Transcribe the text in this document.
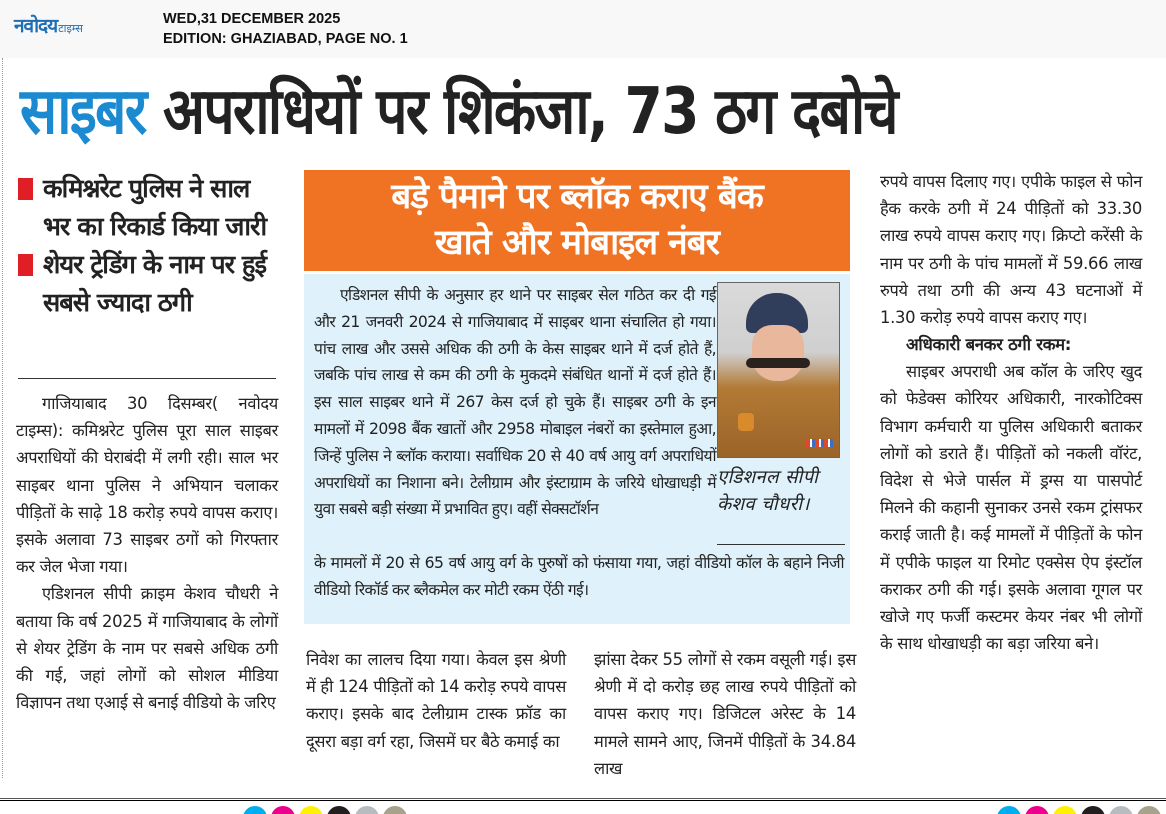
नवोदय टाइम्स
WED,31 DECEMBER 2025
EDITION: GHAZIABAD, PAGE NO. 1
साइबर अपराधियों पर शिकंजा, 73 ठग दबोचे
कमिश्नरेट पुलिस ने साल भर का रिकार्ड किया जारी
शेयर ट्रेडिंग के नाम पर हुई सबसे ज्यादा ठगी

गाजियाबाद 30 दिसम्बर( नवोदय टाइम्स): कमिश्नरेट पुलिस पूरा साल साइबर अपराधियों की घेराबंदी में लगी रही। साल भर साइबर थाना पुलिस ने अभियान चलाकर पीड़ितों के साढ़े 18 करोड़ रुपये वापस कराए। इसके अलावा 73 साइबर ठगों को गिरफ्तार कर जेल भेजा गया।

एडिशनल सीपी क्राइम केशव चौधरी ने बताया कि वर्ष 2025 में गाजियाबाद के लोगों से शेयर ट्रेडिंग के नाम पर सबसे अधिक ठगी की गई, जहां लोगों को सोशल मीडिया विज्ञापन तथा एआई से बनाई वीडियो के जरिए

बड़े पैमाने पर ब्लॉक कराए बैंक
खाते और मोबाइल नंबर

एडिशनल सीपी के अनुसार हर थाने पर साइबर सेल गठित कर दी गई और 21 जनवरी 2024 से गाजियाबाद में साइबर थाना संचालित हो गया। पांच लाख और उससे अधिक की ठगी के केस साइबर थाने में दर्ज होते हैं, जबकि पांच लाख से कम की ठगी के मुकदमे संबंधित थानों में दर्ज होते हैं। इस साल साइबर थाने में 267 केस दर्ज हो चुके हैं। साइबर ठगी के इन मामलों में 2098 बैंक खातों और 2958 मोबाइल नंबरों का इस्तेमाल हुआ, जिन्हें पुलिस ने ब्लॉक कराया। सर्वाधिक 20 से 40 वर्ष आयु वर्ग अपराधियों अपराधियों का निशाना बने। टेलीग्राम और इंस्टाग्राम के जरिये धोखाधड़ी में युवा सबसे बड़ी संख्या में प्रभावित हुए। वहीं सेक्सटॉर्शन

एडिशनल सीपी केशव चौधरी।

के मामलों में 20 से 65 वर्ष आयु वर्ग के पुरुषों को फंसाया गया, जहां वीडियो कॉल के बहाने निजी वीडियो रिकॉर्ड कर ब्लैकमेल कर मोटी रकम ऐंठी गई।

निवेश का लालच दिया गया। केवल इस श्रेणी में ही 124 पीड़ितों को 14 करोड़ रुपये वापस कराए। इसके बाद टेलीग्राम टास्क फ्रॉड का दूसरा बड़ा वर्ग रहा, जिसमें घर बैठे कमाई का

झांसा देकर 55 लोगों से रकम वसूली गई। इस श्रेणी में दो करोड़ छह लाख रुपये पीड़ितों को वापस कराए गए। डिजिटल अरेस्ट के 14 मामले सामने आए, जिनमें पीड़ितों के 34.84 लाख

रुपये वापस दिलाए गए। एपीके फाइल से फोन हैक करके ठगी में 24 पीड़ितों को 33.30 लाख रुपये वापस कराए गए। क्रिप्टो करेंसी के नाम पर ठगी के पांच मामलों में 59.66 लाख रुपये तथा ठगी की अन्य 43 घटनाओं में 1.30 करोड़ रुपये वापस कराए गए।

अधिकारी बनकर ठगी रकम:

साइबर अपराधी अब कॉल के जरिए खुद को फेडेक्स कोरियर अधिकारी, नारकोटिक्स विभाग कर्मचारी या पुलिस अधिकारी बताकर लोगों को डराते हैं। पीड़ितों को नकली वॉरंट, विदेश से भेजे पार्सल में ड्रग्स या पासपोर्ट मिलने की कहानी सुनाकर उनसे रकम ट्रांसफर कराई जाती है। कई मामलों में पीड़ितों के फोन में एपीके फाइल या रिमोट एक्सेस ऐप इंस्टॉल कराकर ठगी की गई। इसके अलावा गूगल पर खोजे गए फर्जी कस्टमर केयर नंबर भी लोगों के साथ धोखाधड़ी का बड़ा जरिया बने।
